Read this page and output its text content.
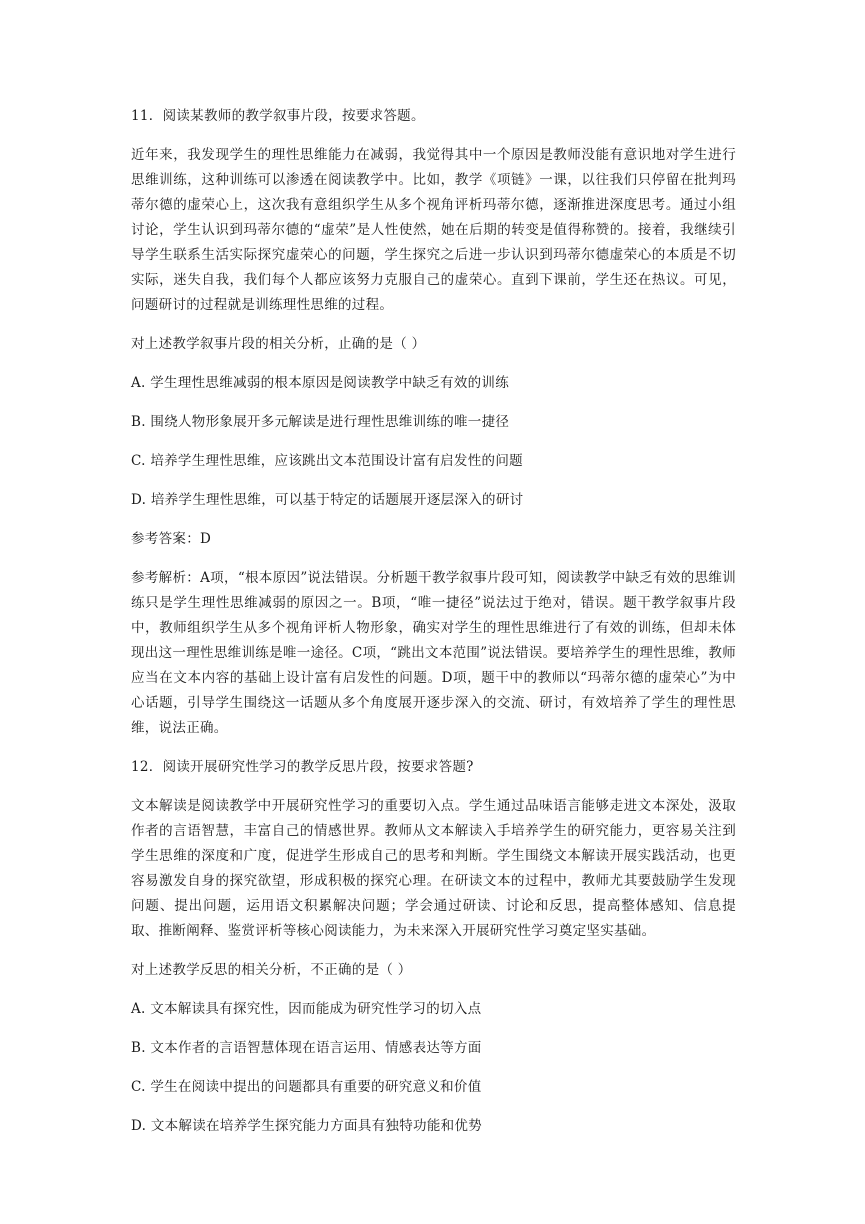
11．阅读某教师的教学叙事片段，按要求答题。

近年来，我发现学生的理性思维能力在减弱，我觉得其中一个原因是教师没能有意识地对学生进行思维训练，这种训练可以渗透在阅读教学中。比如，教学《项链》一课，以往我们只停留在批判玛蒂尔德的虚荣心上，这次我有意组织学生从多个视角评析玛蒂尔德，逐渐推进深度思考。通过小组讨论，学生认识到玛蒂尔德的“虚荣”是人性使然，她在后期的转变是值得称赞的。接着，我继续引导学生联系生活实际探究虚荣心的问题，学生探究之后进一步认识到玛蒂尔德虚荣心的本质是不切实际，迷失自我，我们每个人都应该努力克服自己的虚荣心。直到下课前，学生还在热议。可见，问题研讨的过程就是训练理性思维的过程。

对上述教学叙事片段的相关分析，止确的是（ ）

A. 学生理性思维减弱的根本原因是阅读教学中缺乏有效的训练

B. 围绕人物形象展开多元解读是进行理性思维训练的唯一捷径

C. 培养学生理性思维，应该跳出文本范围设计富有启发性的问题

D. 培养学生理性思维，可以基于特定的话题展开逐层深入的研讨

参考答案：D

参考解析：A项，“根本原因”说法错误。分析题干教学叙事片段可知，阅读教学中缺乏有效的思维训练只是学生理性思维减弱的原因之一。B项，“唯一捷径”说法过于绝对，错误。题干教学叙事片段中，教师组织学生从多个视角评析人物形象，确实对学生的理性思维进行了有效的训练，但却未体现出这一理性思维训练是唯一途径。C项，“跳出文本范围”说法错误。要培养学生的理性思维，教师应当在文本内容的基础上设计富有启发性的问题。D项，题干中的教师以“玛蒂尔德的虚荣心”为中心话题，引导学生围绕这一话题从多个角度展开逐步深入的交流、研讨，有效培养了学生的理性思维，说法正确。

12．阅读开展研究性学习的教学反思片段，按要求答题?

文本解读是阅读教学中开展研究性学习的重要切入点。学生通过品味语言能够走进文本深处，汲取作者的言语智慧，丰富自己的情感世界。教师从文本解读入手培养学生的研究能力，更容易关注到学生思维的深度和广度，促进学生形成自己的思考和判断。学生围绕文本解读开展实践活动，也更容易激发自身的探究欲望，形成积极的探究心理。在研读文本的过程中，教师尤其要鼓励学生发现问题、提出问题，运用语文积累解决问题；学会通过研读、讨论和反思，提高整体感知、信息提取、推断阐释、鉴赏评析等核心阅读能力，为未来深入开展研究性学习奠定坚实基础。

对上述教学反思的相关分析，不正确的是（ ）

A. 文本解读具有探究性，因而能成为研究性学习的切入点

B. 文本作者的言语智慧体现在语言运用、情感表达等方面

C. 学生在阅读中提出的问题都具有重要的研究意义和价值

D. 文本解读在培养学生探究能力方面具有独特功能和优势
